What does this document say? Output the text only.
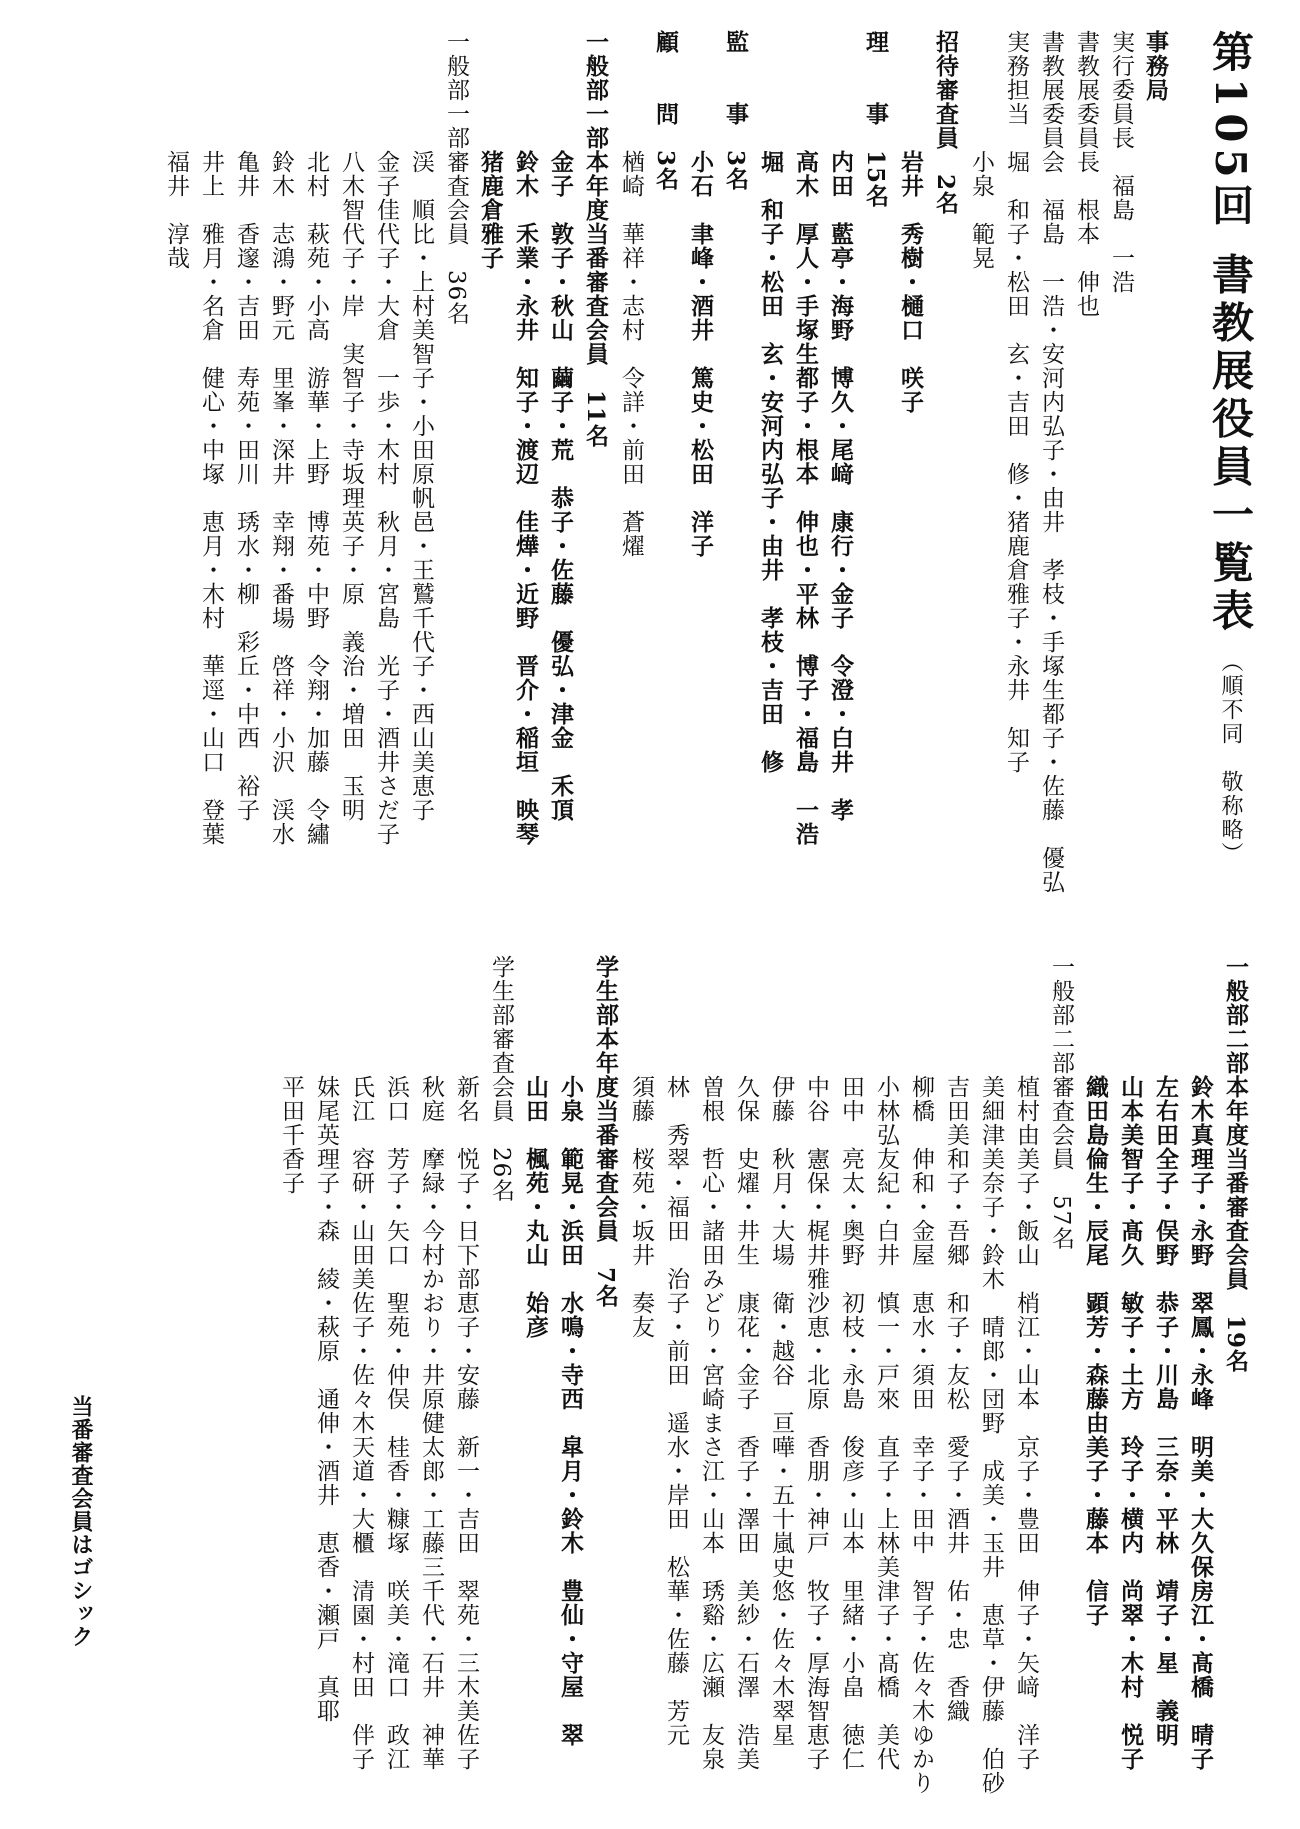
第105回 書教展役員一覧表（順不同　敬称略）
事務局
実行委員長　福島　一浩
書教展委員長　根本　伸也
書教展委員会　福島　一浩・安河内弘子・由井　孝枝・手塚生都子・佐藤　優弘
実務担当　堀　和子・松田　玄・吉田　修・猪鹿倉雅子・永井　知子
　　　　　小泉　範晃
招待審査員　2名
　　　　　岩井　秀樹・樋口　咲子
理　　事　15名
　　　　　内田　藍亭・海野　博久・尾﨑　康行・金子　令澄・白井　孝
　　　　　高木　厚人・手塚生都子・根本　伸也・平林　博子・福島　一浩
　　　　　堀　和子・松田　玄・安河内弘子・由井　孝枝・吉田　修
監　　事　3名
　　　　　小石　聿峰・酒井　篤史・松田　洋子
顧　　問　3名
　　　　　楢崎　華祥・志村　令詳・前田　蒼燿
一般部一部本年度当番審査会員　11名
　　　　　金子　敦子・秋山　繭子・荒　恭子・佐藤　優弘・津金　禾頂
　　　　　鈴木　禾業・永井　知子・渡辺　佳燁・近野　晋介・稲垣　映琴
　　　　　猪鹿倉雅子
一般部一部審査会員　36名
　　　　　渓　順比・上村美智子・小田原帆邑・王鷲千代子・西山美恵子
　　　　　金子佳代子・大倉　一歩・木村　秋月・宮島　光子・酒井さだ子
　　　　　八木智代子・岸　実智子・寺坂理英子・原　義治・増田　玉明
　　　　　北村　萩苑・小高　游華・上野　博苑・中野　令翔・加藤　令繡
　　　　　鈴木　志鴻・野元　里峯・深井　幸翔・番場　啓祥・小沢　渓水
　　　　　亀井　香邃・吉田　寿苑・田川　琇水・柳　彩丘・中西　裕子
　　　　　井上　雅月・名倉　健心・中塚　恵月・木村　華逕・山口　登葉
　　　　　福井　淳哉
一般部二部本年度当番審査会員　19名
　　　　　鈴木真理子・永野　翠鳳・永峰　明美・大久保房江・髙橋　晴子
　　　　　左右田全子・俣野　恭子・川島　三奈・平林　靖子・星　義明
　　　　　山本美智子・髙久　敏子・土方　玲子・横内　尚翠・木村　悦子
　　　　　織田島倫生・辰尾　顕芳・森藤由美子・藤本　信子
一般部二部審査会員　57名
　　　　　植村由美子・飯山　梢江・山本　京子・豊田　伸子・矢﨑　洋子
　　　　　美細津美奈子・鈴木　晴郎・団野　成美・玉井　恵草・伊藤　伯砂
　　　　　吉田美和子・吾郷　和子・友松　愛子・酒井　佑・忠　香織
　　　　　柳橋　伸和・金屋　恵水・須田　幸子・田中　智子・佐々木ゆかり
　　　　　小林弘友紀・白井　慎一・戸來　直子・上林美津子・髙橋　美代
　　　　　田中　亮太・奥野　初枝・永島　俊彦・山本　里緒・小畠　徳仁
　　　　　中谷　憲保・梶井雅沙恵・北原　香朋・神戸　牧子・厚海智恵子
　　　　　伊藤　秋月・大場　衛・越谷　亘嘩・五十嵐史悠・佐々木翠星
　　　　　久保　史燿・井生　康花・金子　香子・澤田　美紗・石澤　浩美
　　　　　曽根　哲心・諸田みどり・宮崎まさ江・山本　琇谿・広瀬　友泉
　　　　　林　秀翠・福田　治子・前田　遥水・岸田　松華・佐藤　芳元
　　　　　須藤　桜苑・坂井　奏友
学生部本年度当番審査会員　7名
　　　　　小泉　範晃・浜田　水鳴・寺西　皐月・鈴木　豊仙・守屋　翠
　　　　　山田　楓苑・丸山　始彦
学生部審査会員　26名
　　　　　新名　悦子・日下部恵子・安藤　新一・吉田　翠苑・三木美佐子
　　　　　秋庭　摩緑・今村かおり・井原健太郎・工藤三千代・石井　神華
　　　　　浜口　芳子・矢口　聖苑・仲俣　桂香・糠塚　咲美・滝口　政江
　　　　　氏江　容研・山田美佐子・佐々木天道・大櫃　清園・村田　伴子
　　　　　妹尾英理子・森　綾・萩原　通伸・酒井　恵香・瀬戸　真耶
　　　　　平田千香子
当番審査会員はゴシック
